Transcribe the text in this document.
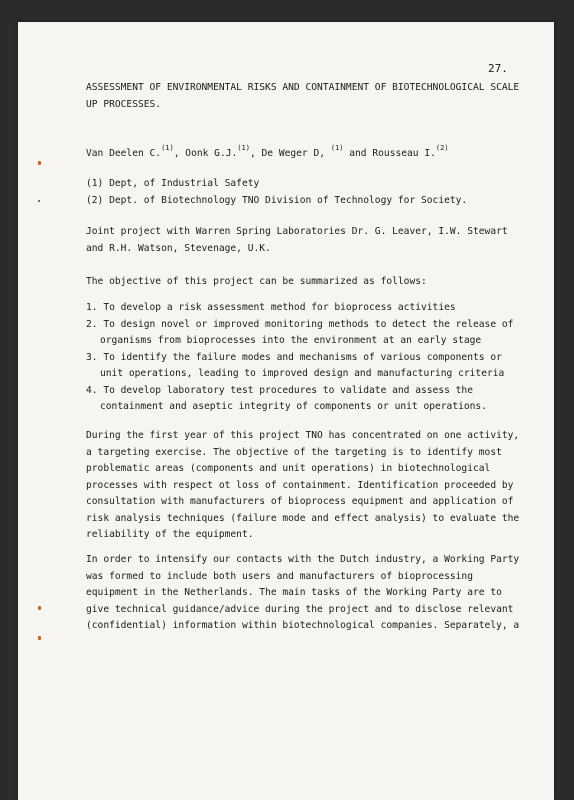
27.
ASSESSMENT OF ENVIRONMENTAL RISKS AND CONTAINMENT OF BIOTECHNOLOGICAL SCALE
UP PROCESSES.
Van Deelen C.$^{(1)}$, Oonk G.J.$^{(1)}$, De Weger D, $^{(1)}$ and Rousseau I.$^{(2)}$
(1) Dept, of Industrial Safety
(2) Dept. of Biotechnology TNO Division of Technology for Society.
Joint project with Warren Spring Laboratories Dr. G. Leaver, I.W. Stewart
and R.H. Watson, Stevenage, U.K.
The objective of this project can be summarized as follows:
1. To develop a risk assessment method for bioprocess activities
2. To design novel or improved monitoring methods to detect the release of
organisms from bioprocesses into the environment at an early stage
3. To identify the failure modes and mechanisms of various components or
unit operations, leading to improved design and manufacturing criteria
4. To develop laboratory test procedures to validate and assess the
containment and aseptic integrity of components or unit operations.
During the first year of this project TNO has concentrated on one activity,
a targeting exercise. The objective of the targeting is to identify most
problematic areas (components and unit operations) in biotechnological
processes with respect ot loss of containment. Identification proceeded by
consultation with manufacturers of bioprocess equipment and application of
risk analysis techniques (failure mode and effect analysis) to evaluate the
reliability of the equipment.
In order to intensify our contacts with the Dutch industry, a Working Party
was formed to include both users and manufacturers of bioprocessing
equipment in the Netherlands. The main tasks of the Working Party are to
give technical guidance/advice during the project and to disclose relevant
(confidential) information within biotechnological companies. Separately, a
